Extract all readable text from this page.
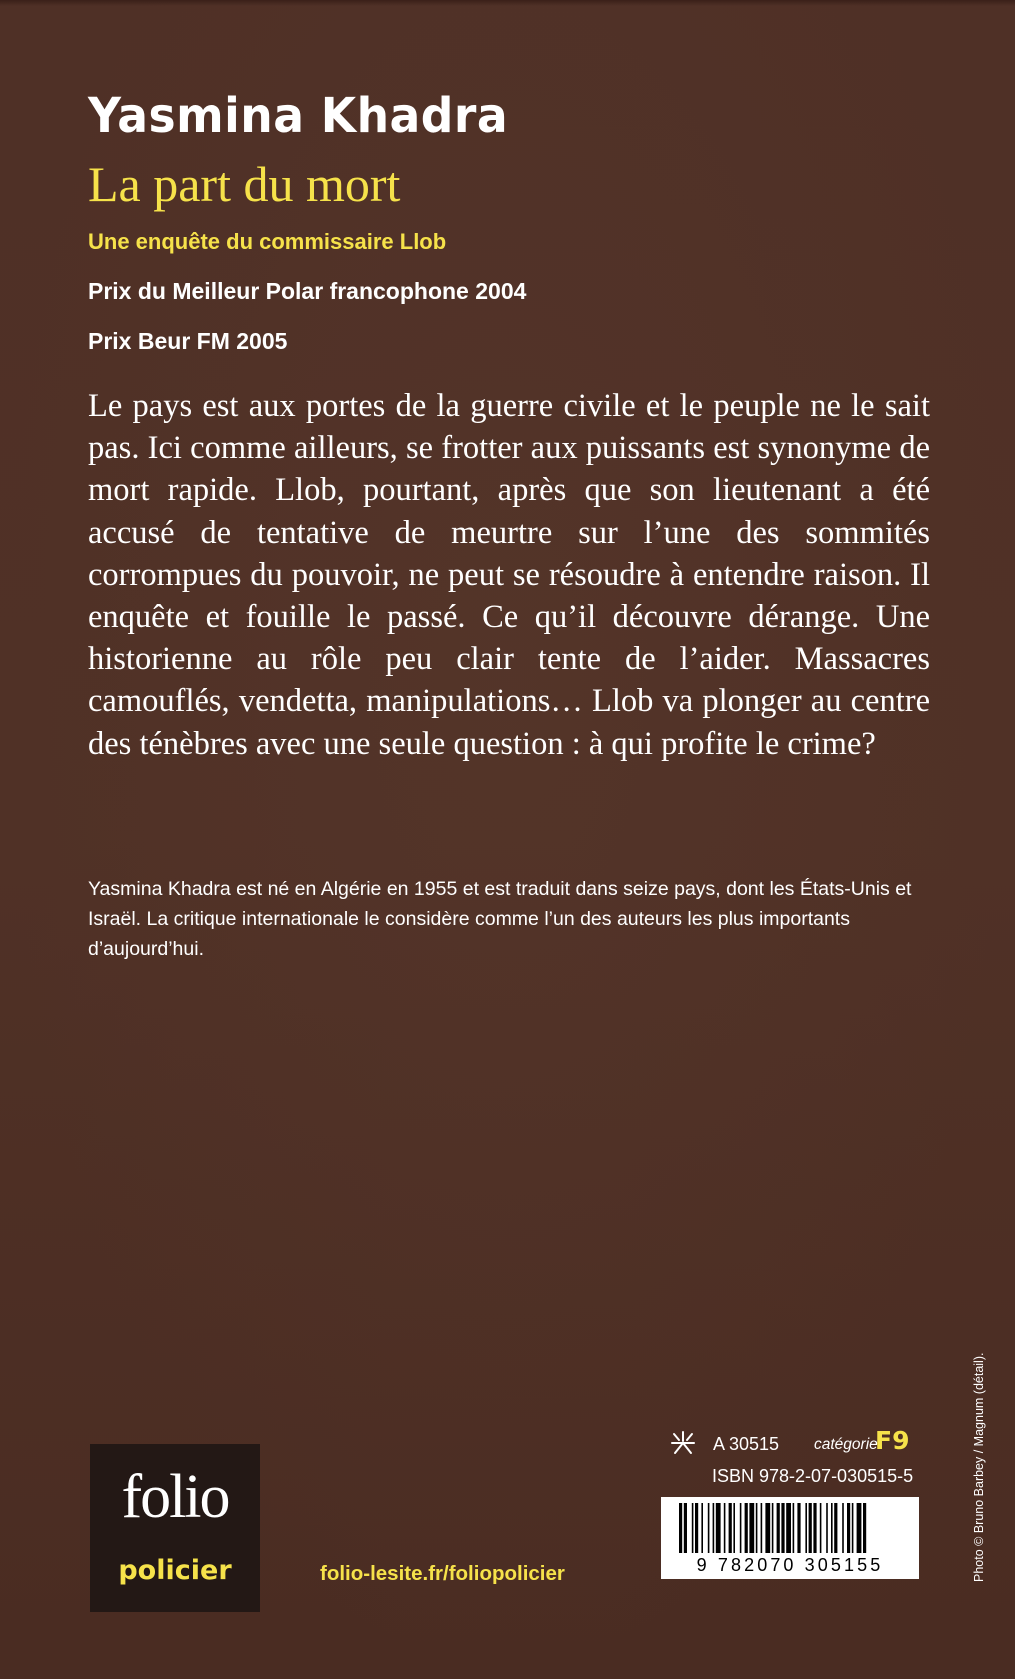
Yasmina Khadra
La part du mort
Une enquête du commissaire Llob
Prix du Meilleur Polar francophone 2004
Prix Beur FM 2005

Le pays est aux portes de la guerre civile et le peuple ne le sait pas. Ici comme ailleurs, se frotter aux puissants est synonyme de mort rapide. Llob, pourtant, après que son lieutenant a été accusé de tentative de meurtre sur l’une des sommités corrompues du pouvoir, ne peut se résoudre à entendre raison. Il enquête et fouille le passé. Ce qu’il découvre dérange. Une historienne au rôle peu clair tente de l’aider. Massacres camouflés, vendetta, manipulations… Llob va plonger au centre des ténèbres avec une seule question : à qui profite le crime?

Yasmina Khadra est né en Algérie en 1955 et est traduit dans seize pays, dont les États-Unis et Israël. La critique internationale le considère comme l’un des auteurs les plus importants d’aujourd’hui.

Photo © Bruno Barbey / Magnum (détail).
folio
policier	folio-lesite.fr/foliopolicier
A 30515 catégorie
F9
ISBN 978-2-07-030515-5
9 782070 305155
